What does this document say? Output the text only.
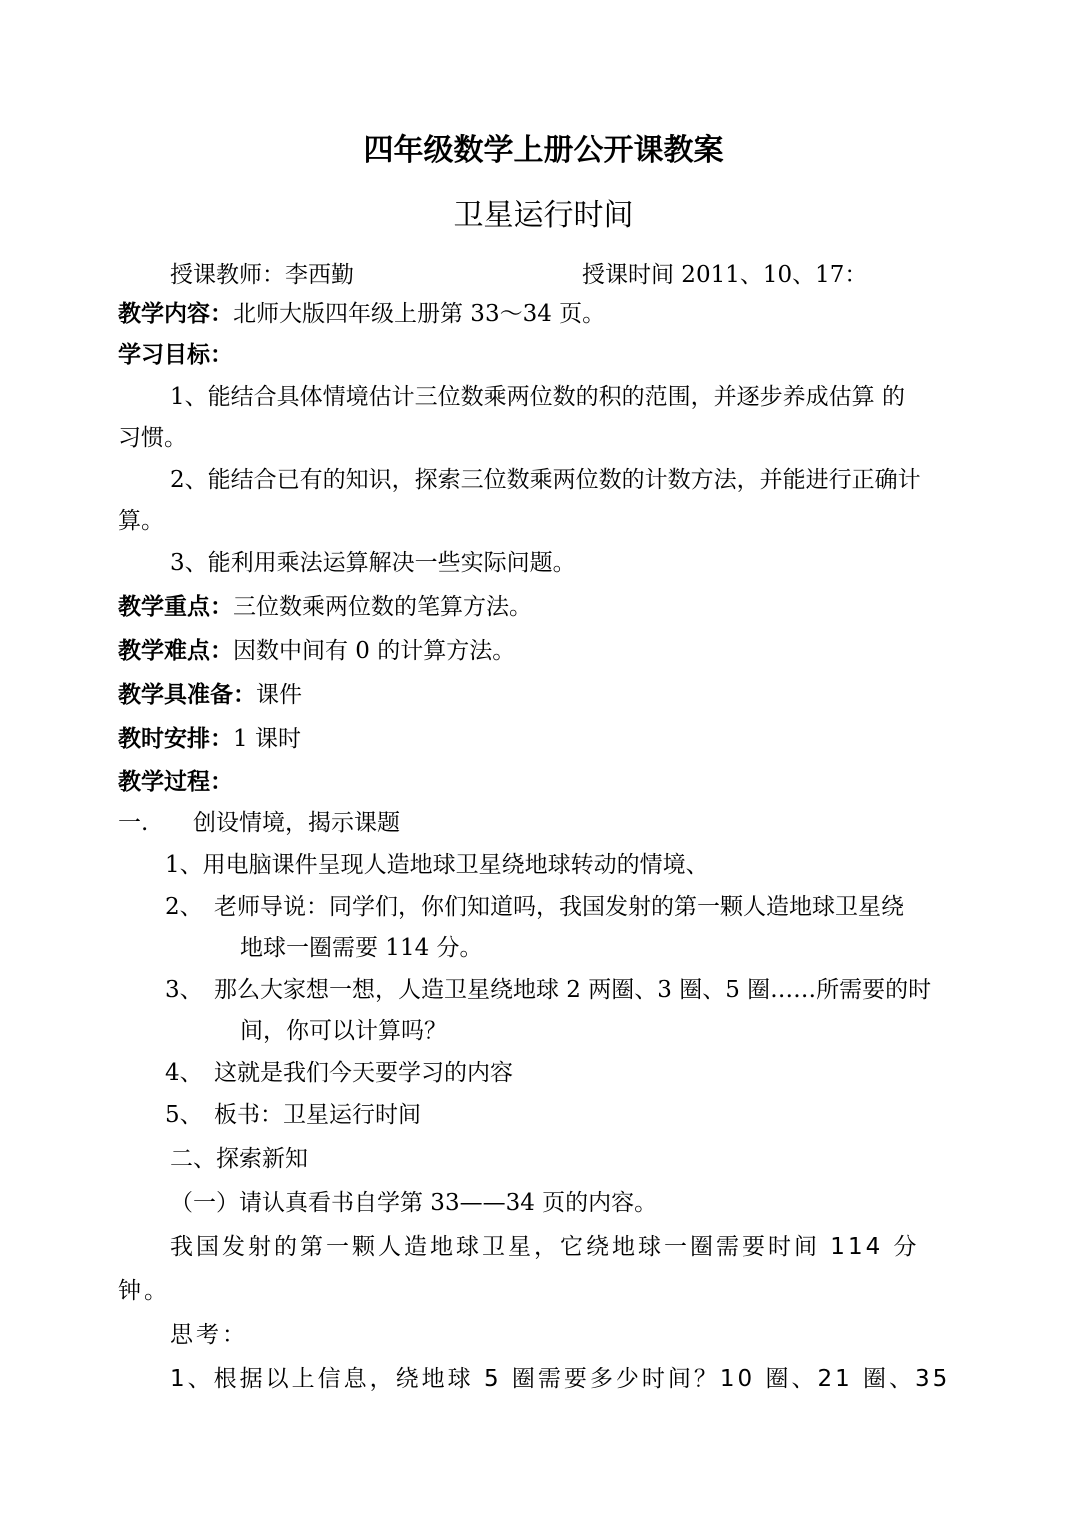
四年级数学上册公开课教案
卫星运行时间
授课教师：李西勤	授课时间 2011、10、17：
教学内容：北师大版四年级上册第 33～34 页。
学习目标：
1、能结合具体情境估计三位数乘两位数的积的范围，并逐步养成估算 的
习惯。
2、能结合已有的知识，探索三位数乘两位数的计数方法，并能进行正确计
算。
3、能利用乘法运算解决一些实际问题。
教学重点：三位数乘两位数的笔算方法。
教学难点：因数中间有 0 的计算方法。
教学具准备：课件
教时安排：1 课时
教学过程：
一. 创设情境，揭示课题
1、用电脑课件呈现人造地球卫星绕地球转动的情境、
2、 老师导说：同学们，你们知道吗，我国发射的第一颗人造地球卫星绕
地球一圈需要 114 分。
3、 那么大家想一想，人造卫星绕地球 2 两圈、3 圈、5 圈……所需要的时
间，你可以计算吗？
4、 这就是我们今天要学习的内容
5、 板书：卫星运行时间
二、探索新知
（一）请认真看书自学第 33——34 页的内容。
我国发射的第一颗人造地球卫星，它绕地球一圈需要时间 114 分
钟。
思考：
1、根据以上信息，绕地球 5 圈需要多少时间？10 圈、21 圈、35
